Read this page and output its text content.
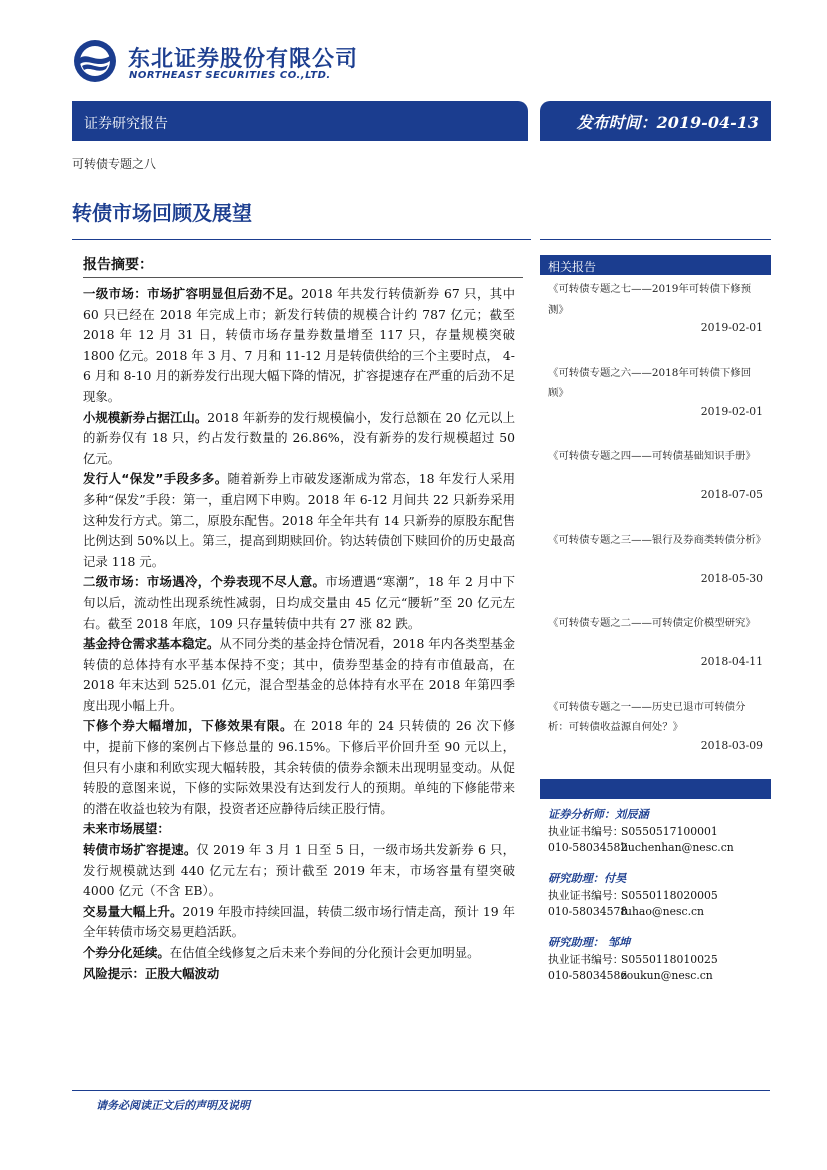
东北证券股份有限公司
NORTHEAST SECURITIES CO.,LTD.
证券研究报告	发布时间：2019-04-13
可转债专题之八
转债市场回顾及展望
报告摘要：

一级市场：市场扩容明显但后劲不足。2018 年共发行转债新券 67 只，其中 60 只已经在 2018 年完成上市；新发行转债的规模合计约 787 亿元；截至 2018 年 12 月 31 日，转债市场存量券数量增至 117 只，存量规模突破 1800 亿元。2018 年 3 月、7 月和 11-12 月是转债供给的三个主要时点， 4-6 月和 8-10 月的新券发行出现大幅下降的情况，扩容提速存在严重的后劲不足现象。

小规模新券占据江山。2018 年新券的发行规模偏小，发行总额在 20 亿元以上的新券仅有 18 只，约占发行数量的 26.86%，没有新券的发行规模超过 50 亿元。

发行人“保发”手段多多。随着新券上市破发逐渐成为常态，18 年发行人采用多种“保发”手段：第一，重启网下申购。2018 年 6-12 月间共 22 只新券采用这种发行方式。第二，原股东配售。2018 年全年共有 14 只新券的原股东配售比例达到 50%以上。第三，提高到期赎回价。钧达转债创下赎回价的历史最高记录 118 元。

二级市场：市场遇冷，个券表现不尽人意。市场遭遇“寒潮”，18 年 2 月中下旬以后，流动性出现系统性减弱，日均成交量由 45 亿元“腰斩”至 20 亿元左右。截至 2018 年底，109 只存量转债中共有 27 涨 82 跌。

基金持仓需求基本稳定。从不同分类的基金持仓情况看，2018 年内各类型基金转债的总体持有水平基本保持不变；其中，债券型基金的持有市值最高，在 2018 年末达到 525.01 亿元，混合型基金的总体持有水平在 2018 年第四季度出现小幅上升。

下修个券大幅增加，下修效果有限。在 2018 年的 24 只转债的 26 次下修中，提前下修的案例占下修总量的 96.15%。下修后平价回升至 90 元以上，但只有小康和利欧实现大幅转股，其余转债的债券余额未出现明显变动。从促转股的意图来说，下修的实际效果没有达到发行人的预期。单纯的下修能带来的潜在收益也较为有限，投资者还应静待后续正股行情。

未来市场展望：

转债市场扩容提速。仅 2019 年 3 月 1 日至 5 日，一级市场共发新券 6 只，发行规模就达到 440 亿元左右；预计截至 2019 年末，市场容量有望突破 4000 亿元（不含 EB）。

交易量大幅上升。2019 年股市持续回温，转债二级市场行情走高，预计 19 年全年转债市场交易更趋活跃。

个券分化延续。在估值全线修复之后未来个券间的分化预计会更加明显。

风险提示：正股大幅波动

相关报告
《可转债专题之七——2019年可转债下修预测》
2019-02-01
《可转债专题之六——2018年可转债下修回顾》
2019-02-01
《可转债专题之四——可转债基础知识手册》
2018-07-05
《可转债专题之三——银行及券商类转债分析》
2018-05-30
《可转债专题之二——可转债定价模型研究》
2018-04-11
《可转债专题之一——历史已退市可转债分析：可转债收益源自何处？》
2018-03-09
证券分析师：刘辰涵
执业证书编号：S0550517100001
010-58034582liuchenhan@nesc.cn
研究助理：付昊
执业证书编号：S0550118020005
010-58034578fuhao@nesc.cn
研究助理： 邹坤
执业证书编号：S0550118010025
010-58034586zoukun@nesc.cn
请务必阅读正文后的声明及说明
